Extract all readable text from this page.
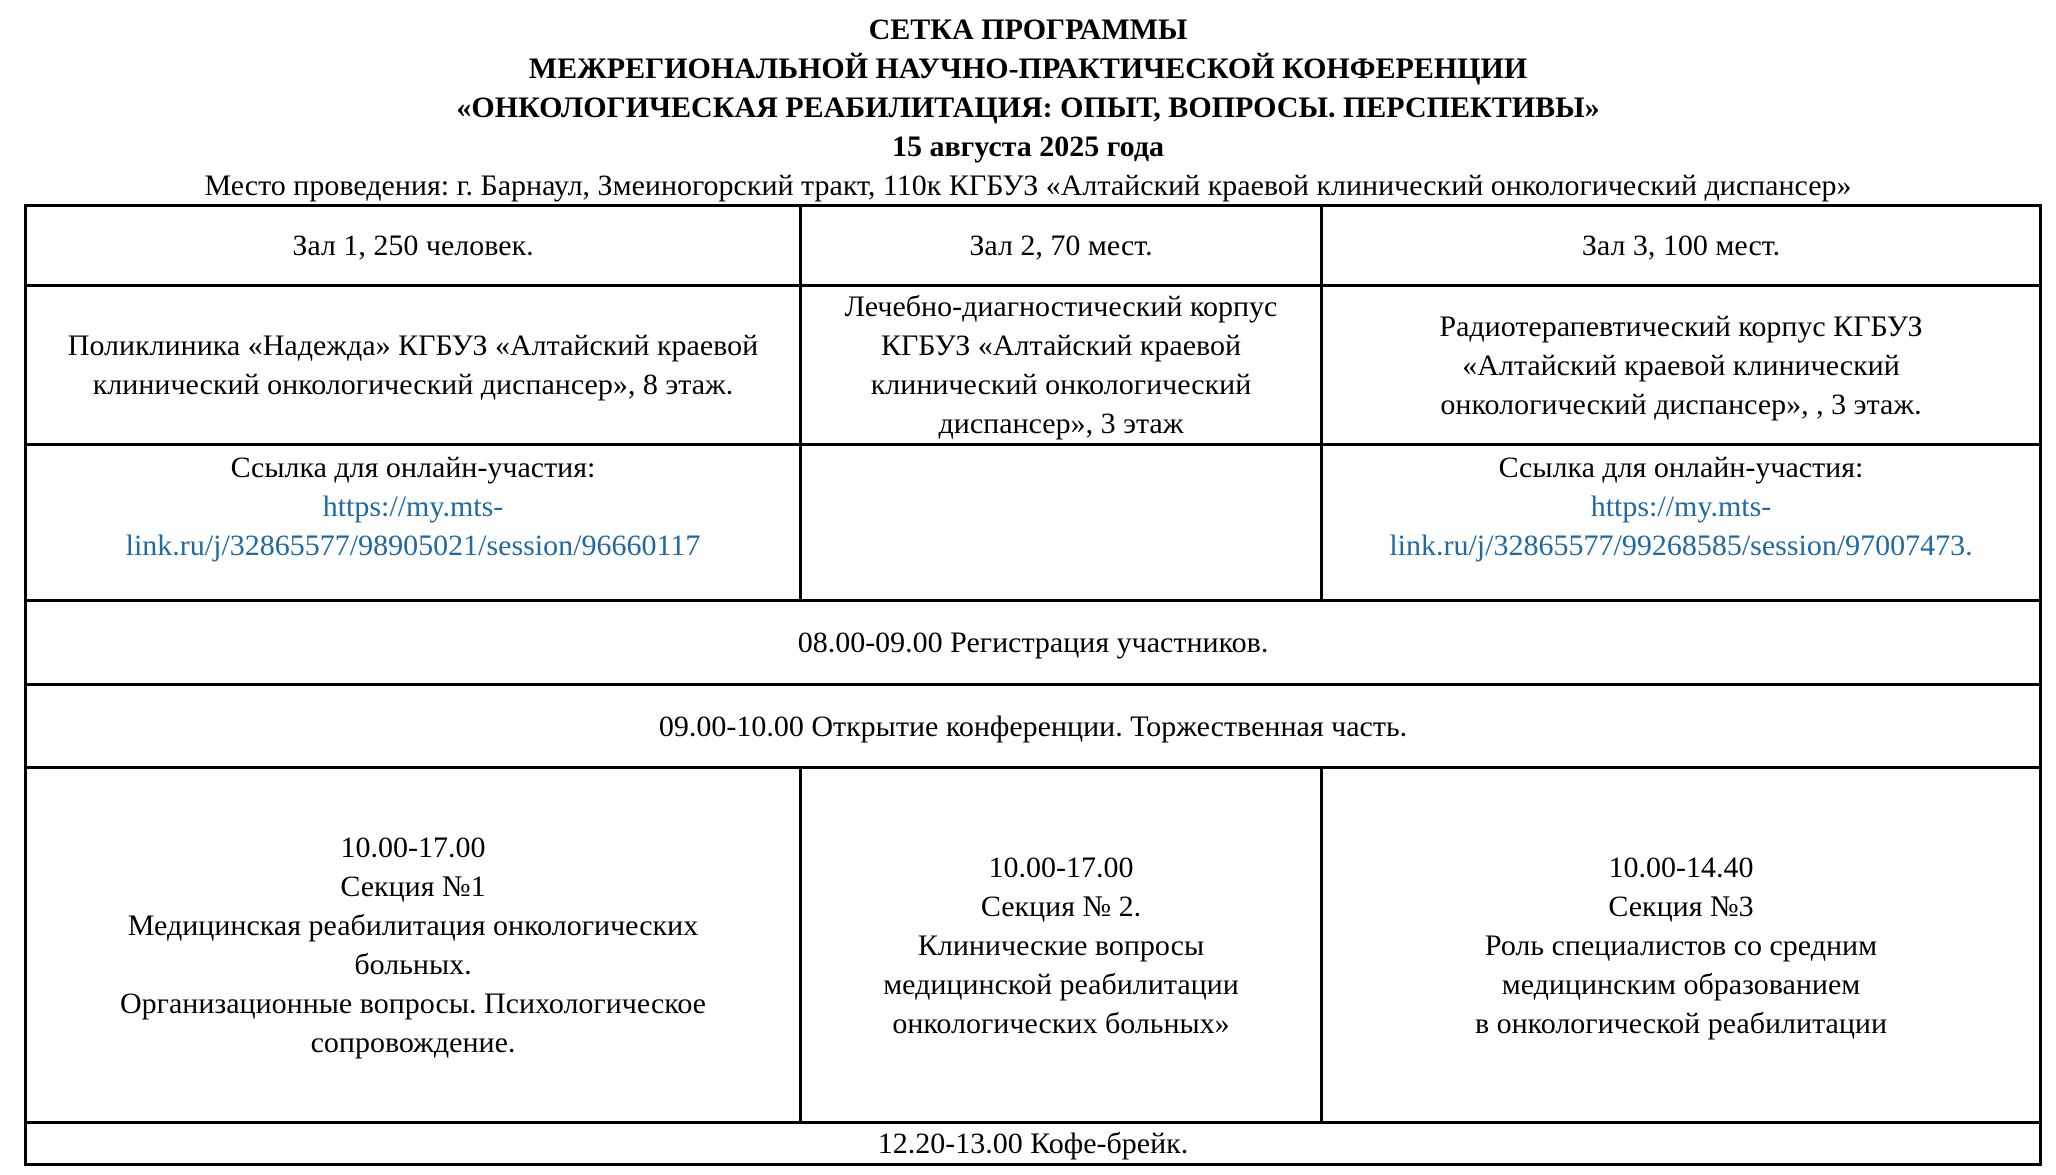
СЕТКА ПРОГРАММЫ
МЕЖРЕГИОНАЛЬНОЙ НАУЧНО-ПРАКТИЧЕСКОЙ КОНФЕРЕНЦИИ
«ОНКОЛОГИЧЕСКАЯ РЕАБИЛИТАЦИЯ: ОПЫТ, ВОПРОСЫ. ПЕРСПЕКТИВЫ»
15 августа 2025 года
Место проведения: г. Барнаул, Змеиногорский тракт, 110к КГБУЗ «Алтайский краевой клинический онкологический диспансер»
Зал 1, 250 человек.	Зал 2, 70 мест.	Зал 3, 100 мест.
Поликлиника «Надежда» КГБУЗ «Алтайский краевой клинический онкологический диспансер», 8 этаж.	Лечебно-диагностический корпус КГБУЗ «Алтайский краевой клинический онкологический диспансер», 3 этаж	Радиотерапевтический корпус КГБУЗ «Алтайский краевой клинический онкологический диспансер», , 3 этаж.

Ссылка для онлайн-участия:
https://my.mts-
link.ru/j/32865577/98905021/session/96660117		Ссылка для онлайн-участия:
https://my.mts-
link.ru/j/32865577/99268585/session/97007473.

08.00-09.00 Регистрация участников.		
09.00-10.00 Открытие конференции. Торжественная часть.		

10.00-17.00
Секция №1
Медицинская реабилитация онкологических больных.
Организационные вопросы. Психологическое сопровождение.	10.00-17.00
Секция № 2.
Клинические вопросы медицинской реабилитации онкологических больных»	10.00-14.40
Секция №3
Роль специалистов со средним медицинским образованием
в онкологической реабилитации

12.20-13.00 Кофе-брейк.		
